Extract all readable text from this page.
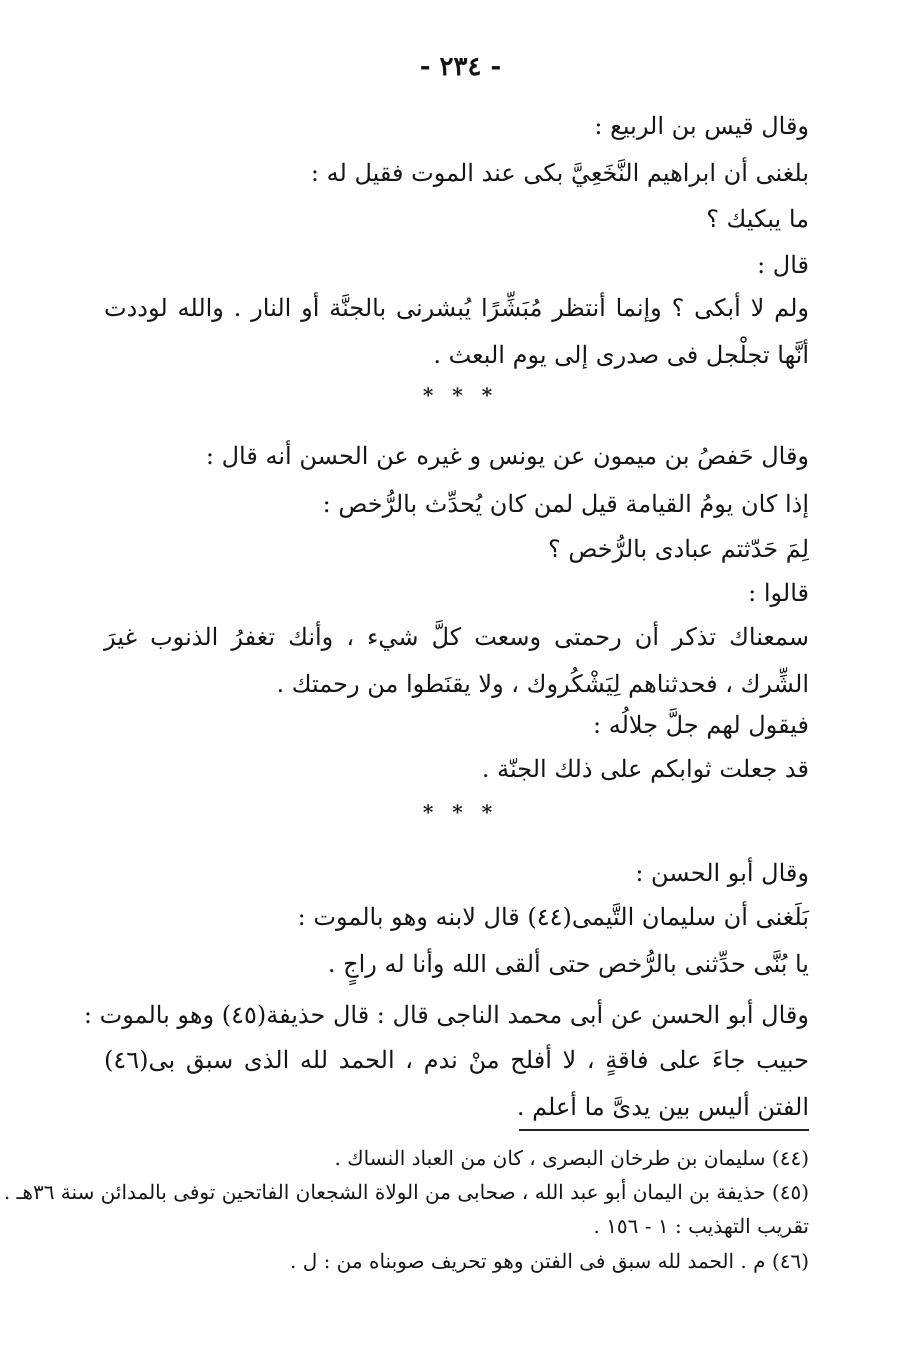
- ٢٣٤ -

وقال قيس بن الربيع :

بلغنى أن ابراهيم النَّخَعِيَّ بكى عند الموت فقيل له :

ما يبكيك ؟

قال :

ولم لا أبكى ؟ وإنما أنتظر مُبَشِّرًا يُبشرنى بالجنَّة أو النار . والله لوددت أنَّها تجلْجل فى صدرى إلى يوم البعث .

* * *

وقال حَفصُ بن ميمون عن يونس و غيره عن الحسن أنه قال :

إذا كان يومُ القيامة قيل لمن كان يُحدِّث بالرُّخص :

لِمَ حَدّثتم عبادى بالرُّخص ؟

قالوا :

سمعناك تذكر أن رحمتى وسعت كلَّ شيء ، وأنك تغفرُ الذنوب غيرَ الشِّرك ، فحدثناهم لِيَشْكُروك ، ولا يقنَطوا من رحمتك .

فيقول لهم جلَّ جلالُه :

قد جعلت ثوابكم على ذلك الجنّة .

* * *

وقال أبو الحسن :

بَلَغنى أن سليمان التَّيمى(٤٤) قال لابنه وهو بالموت :

يا بُنَّى حدِّثنى بالرُّخص حتى ألقى الله وأنا له راجٍ .

وقال أبو الحسن عن أبى محمد الناجى قال : قال حذيفة(٤٥) وهو بالموت :

حبيب جاءَ على فاقةٍ ، لا أفلح منْ ندم ، الحمد لله الذى سبق بى(٤٦) الفتن أليس بين يدىَّ ما أعلم .

(٤٤) سليمان بن طرخان البصرى ، كان من العباد النساك .

(٤٥) حذيفة بن اليمان أبو عبد الله ، صحابى من الولاة الشجعان الفاتحين توفى بالمدائن سنة ٣٦هـ .

تقريب التهذيب : ١ - ١٥٦ .

(٤٦) م . الحمد لله سبق فى الفتن وهو تحريف صوبناه من : ل .
